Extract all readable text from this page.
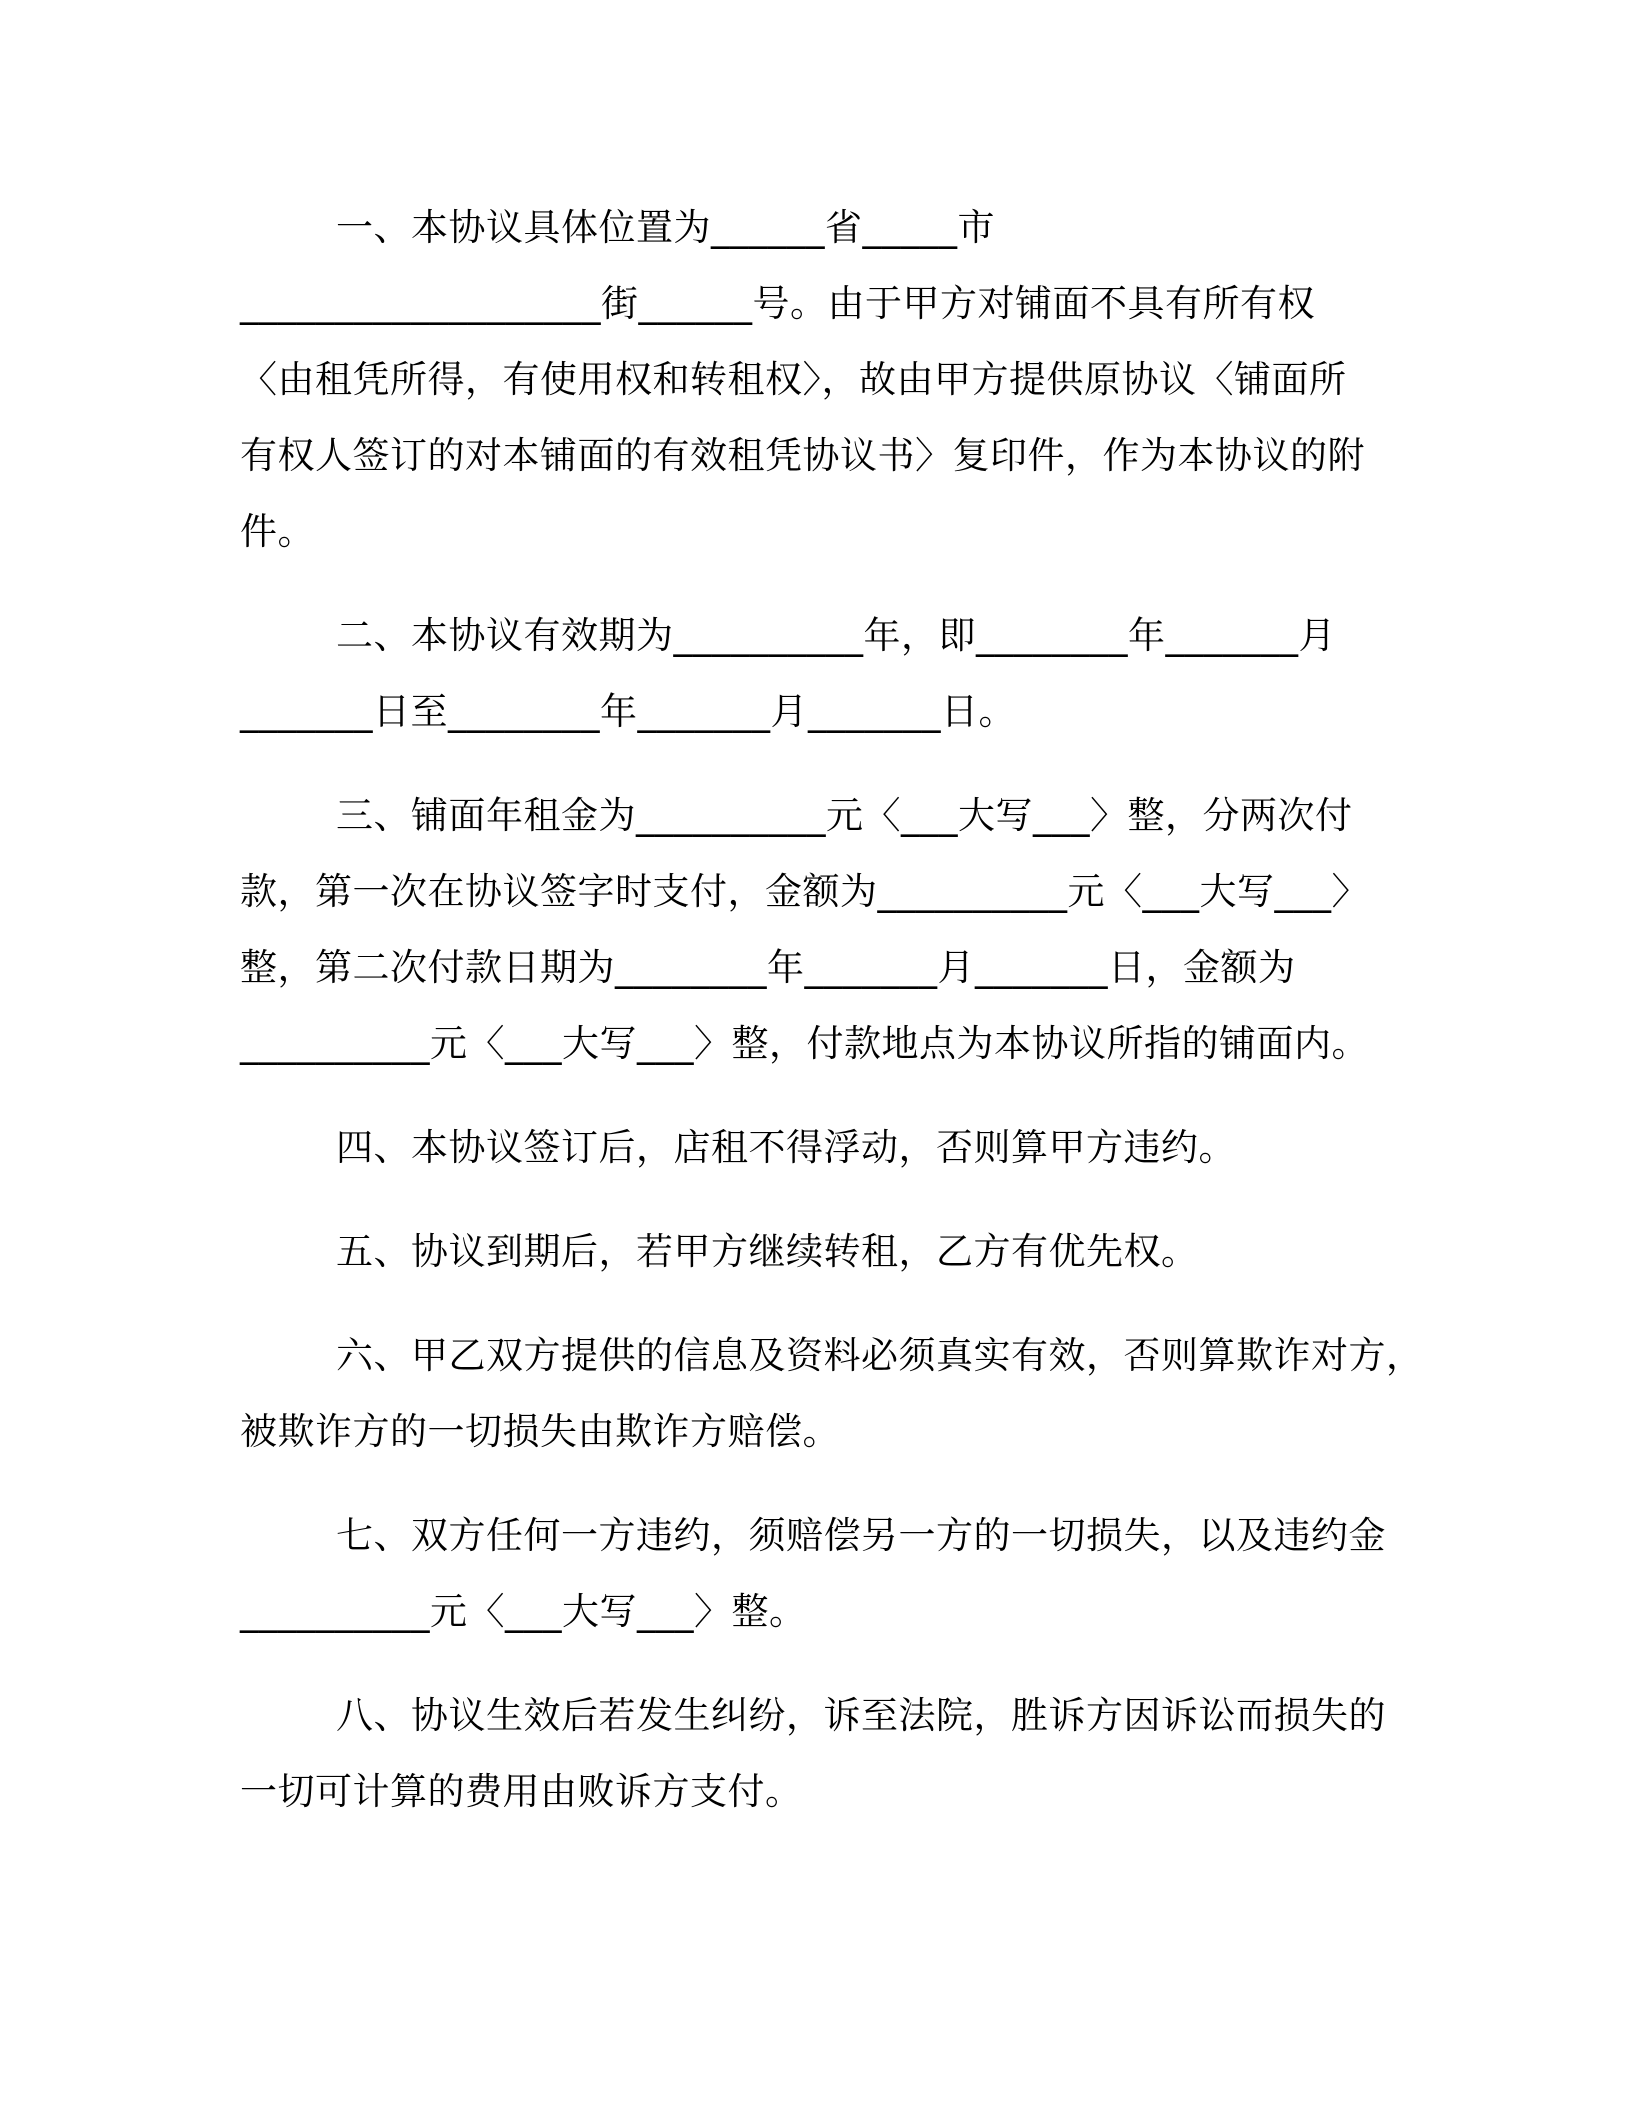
一、本协议具体位置为______省_____市
___________________街______号。由于甲方对铺面不具有所有权
〈由租凭所得，有使用权和转租权〉，故由甲方提供原协议〈铺面所
有权人签订的对本铺面的有效租凭协议书〉复印件，作为本协议的附
件。
二、本协议有效期为__________年，即________年_______月
_______日至________年_______月_______日。
三、铺面年租金为__________元〈___大写___〉整，分两次付
款，第一次在协议签字时支付，金额为__________元〈___大写___〉
整，第二次付款日期为________年_______月_______日，金额为
__________元〈___大写___〉整，付款地点为本协议所指的铺面内。
四、本协议签订后，店租不得浮动，否则算甲方违约。
五、协议到期后，若甲方继续转租，乙方有优先权。
六、甲乙双方提供的信息及资料必须真实有效，否则算欺诈对方，
被欺诈方的一切损失由欺诈方赔偿。
七、双方任何一方违约，须赔偿另一方的一切损失，以及违约金
__________元〈___大写___〉整。
八、协议生效后若发生纠纷，诉至法院，胜诉方因诉讼而损失的
一切可计算的费用由败诉方支付。
